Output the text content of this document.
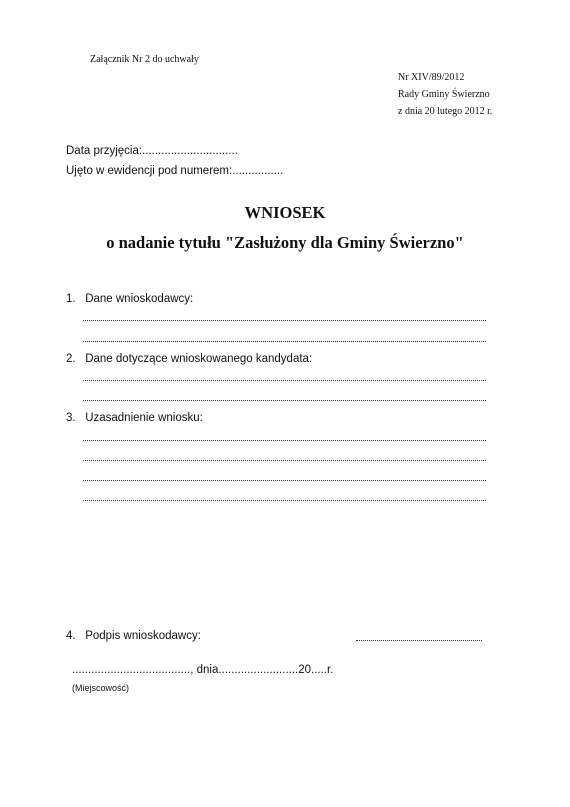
Załącznik Nr 2 do uchwały
Nr XIV/89/2012
Rady Gminy Świerzno
z dnia 20 lutego 2012 r.
Data przyjęcia:..............................
Ujęto w ewidencji pod numerem:................
WNIOSEK
o nadanie tytułu "Zasłużony dla Gminy Świerzno"
1. Dane wnioskodawcy:
2. Dane dotyczące wnioskowanego kandydata:
3. Uzasadnienie wniosku:
4. Podpis wnioskodawcy:
....................................., dnia.........................20.....r.
(Miejscowość)
